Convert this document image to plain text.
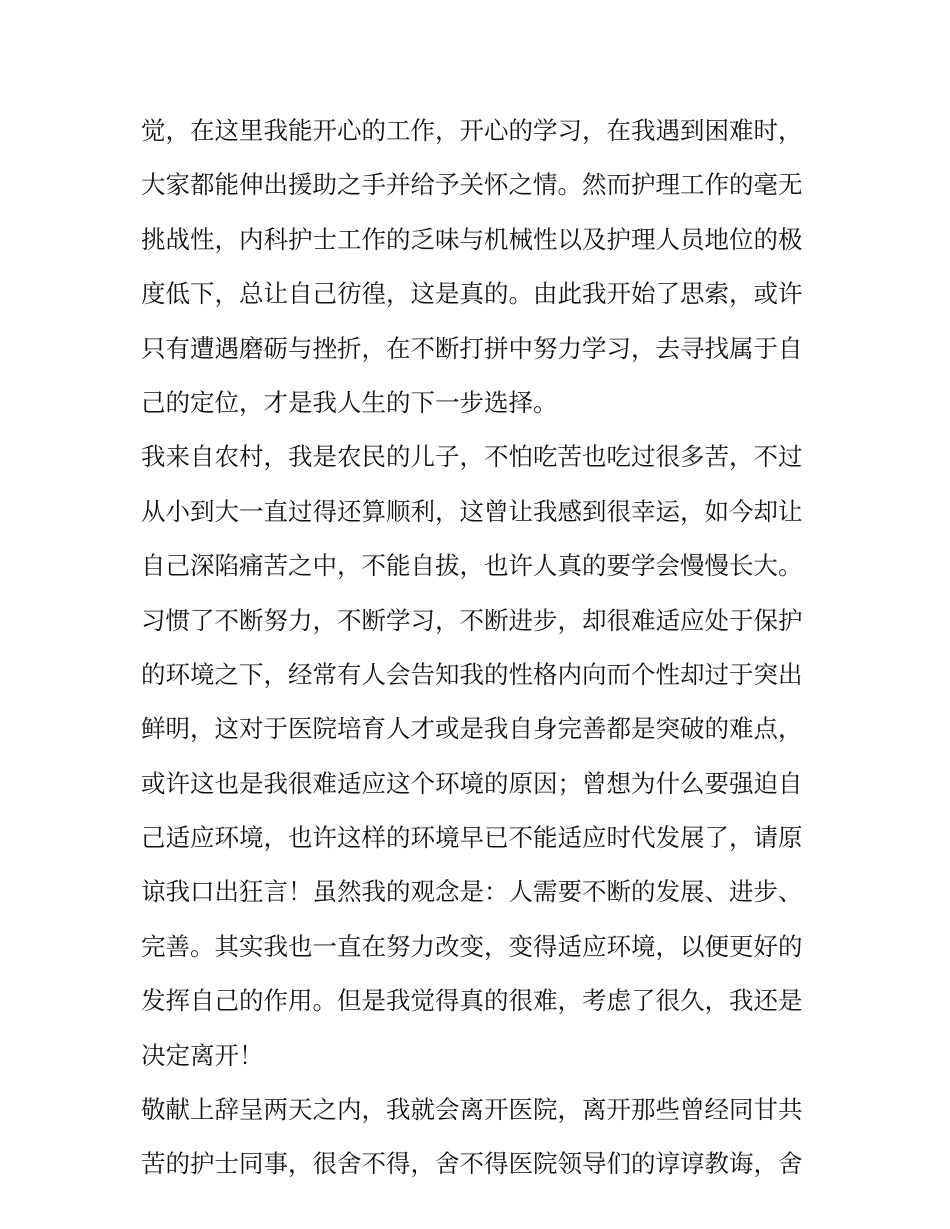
觉，在这里我能开心的工作，开心的学习，在我遇到困难时，
大家都能伸出援助之手并给予关怀之情。然而护理工作的毫无
挑战性，内科护士工作的乏味与机械性以及护理人员地位的极
度低下，总让自己彷徨，这是真的。由此我开始了思索，或许
只有遭遇磨砺与挫折，在不断打拼中努力学习，去寻找属于自
己的定位，才是我人生的下一步选择。
我来自农村，我是农民的儿子，不怕吃苦也吃过很多苦，不过
从小到大一直过得还算顺利，这曾让我感到很幸运，如今却让
自己深陷痛苦之中，不能自拔，也许人真的要学会慢慢长大。
习惯了不断努力，不断学习，不断进步，却很难适应处于保护
的环境之下，经常有人会告知我的性格内向而个性却过于突出
鲜明，这对于医院培育人才或是我自身完善都是突破的难点，
或许这也是我很难适应这个环境的原因；曾想为什么要强迫自
己适应环境，也许这样的环境早已不能适应时代发展了，请原
谅我口出狂言！虽然我的观念是：人需要不断的发展、进步、
完善。其实我也一直在努力改变，变得适应环境，以便更好的
发挥自己的作用。但是我觉得真的很难，考虑了很久，我还是
决定离开！
敬献上辞呈两天之内，我就会离开医院，离开那些曾经同甘共
苦的护士同事，很舍不得，舍不得医院领导们的谆谆教诲，舍
